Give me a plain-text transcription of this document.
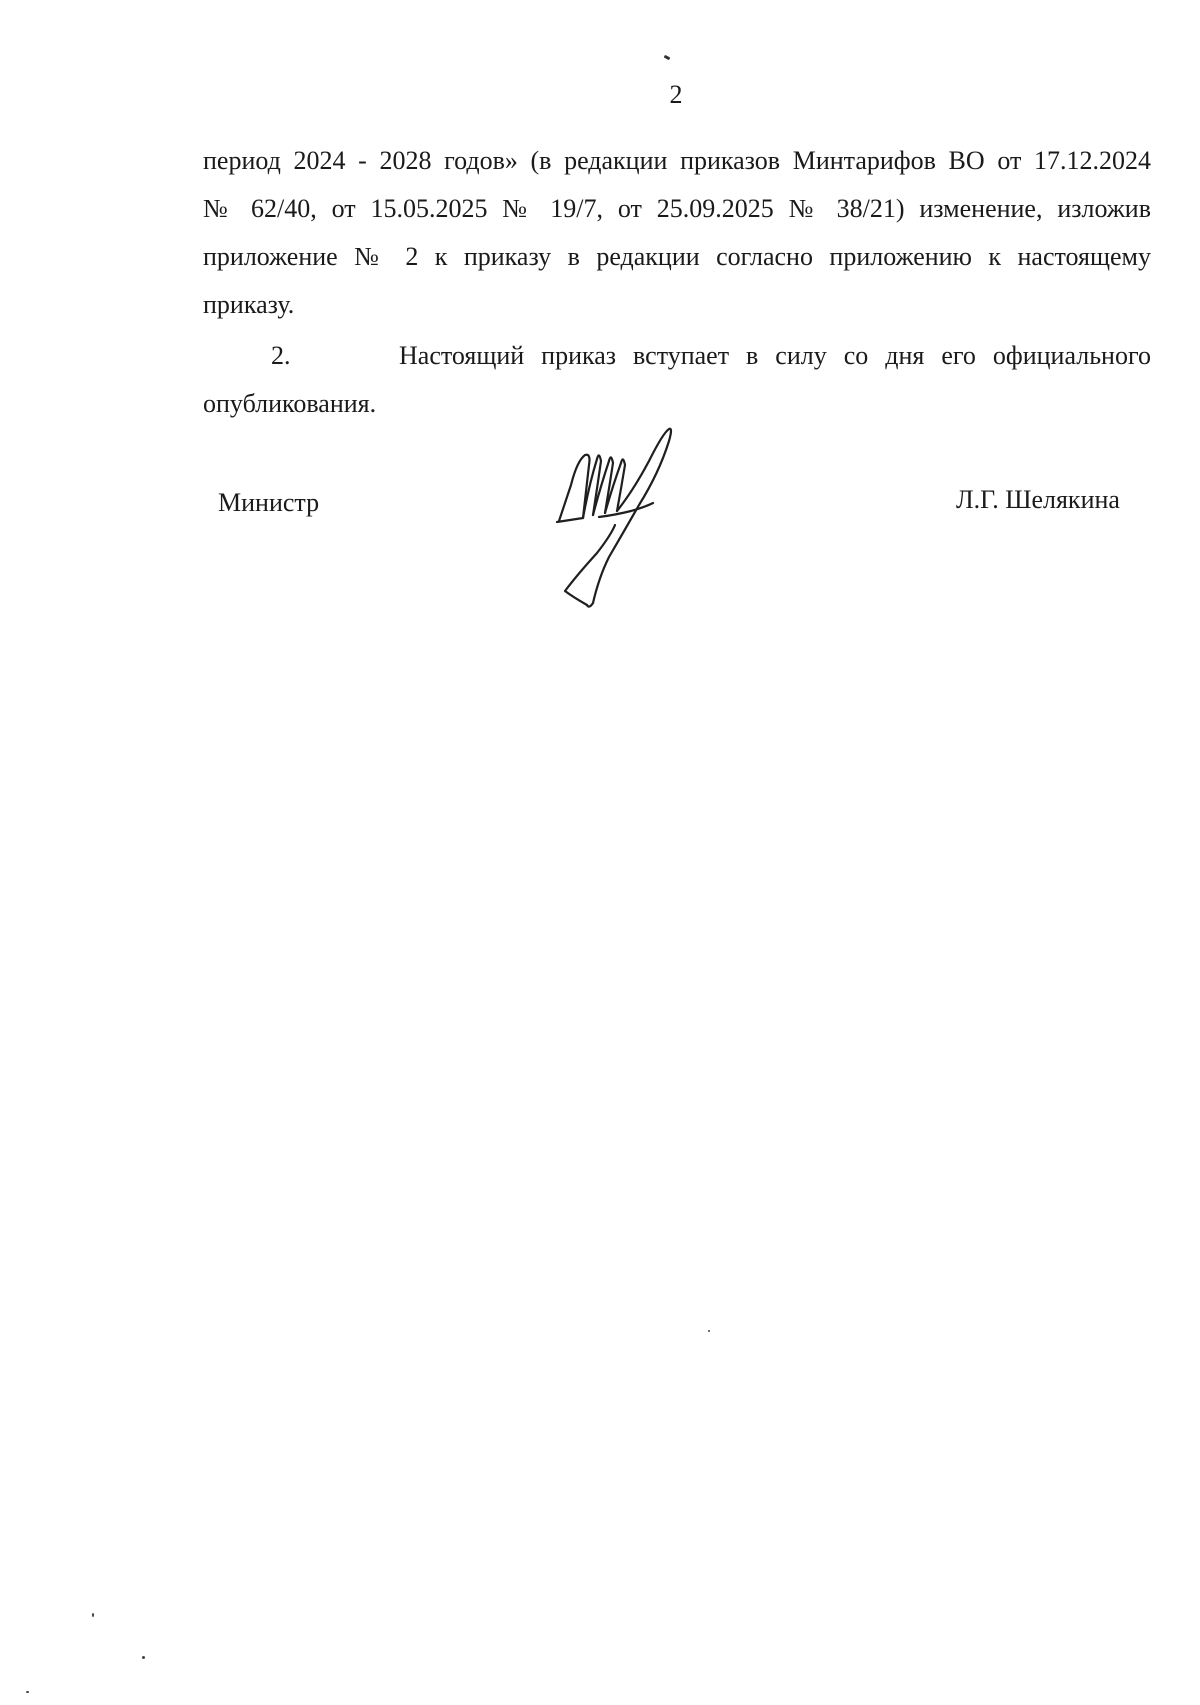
2

период 2024 - 2028 годов» (в редакции приказов Минтарифов ВО от 17.12.2024
№ 62/40, от 15.05.2025 № 19/7, от 25.09.2025 № 38/21) изменение, изложив
приложение № 2 к приказу в редакции согласно приложению к настоящему
приказу.

2.	Настоящий приказ вступает в силу со дня его официального
опубликования.

Министр	Л.Г. Шелякина
